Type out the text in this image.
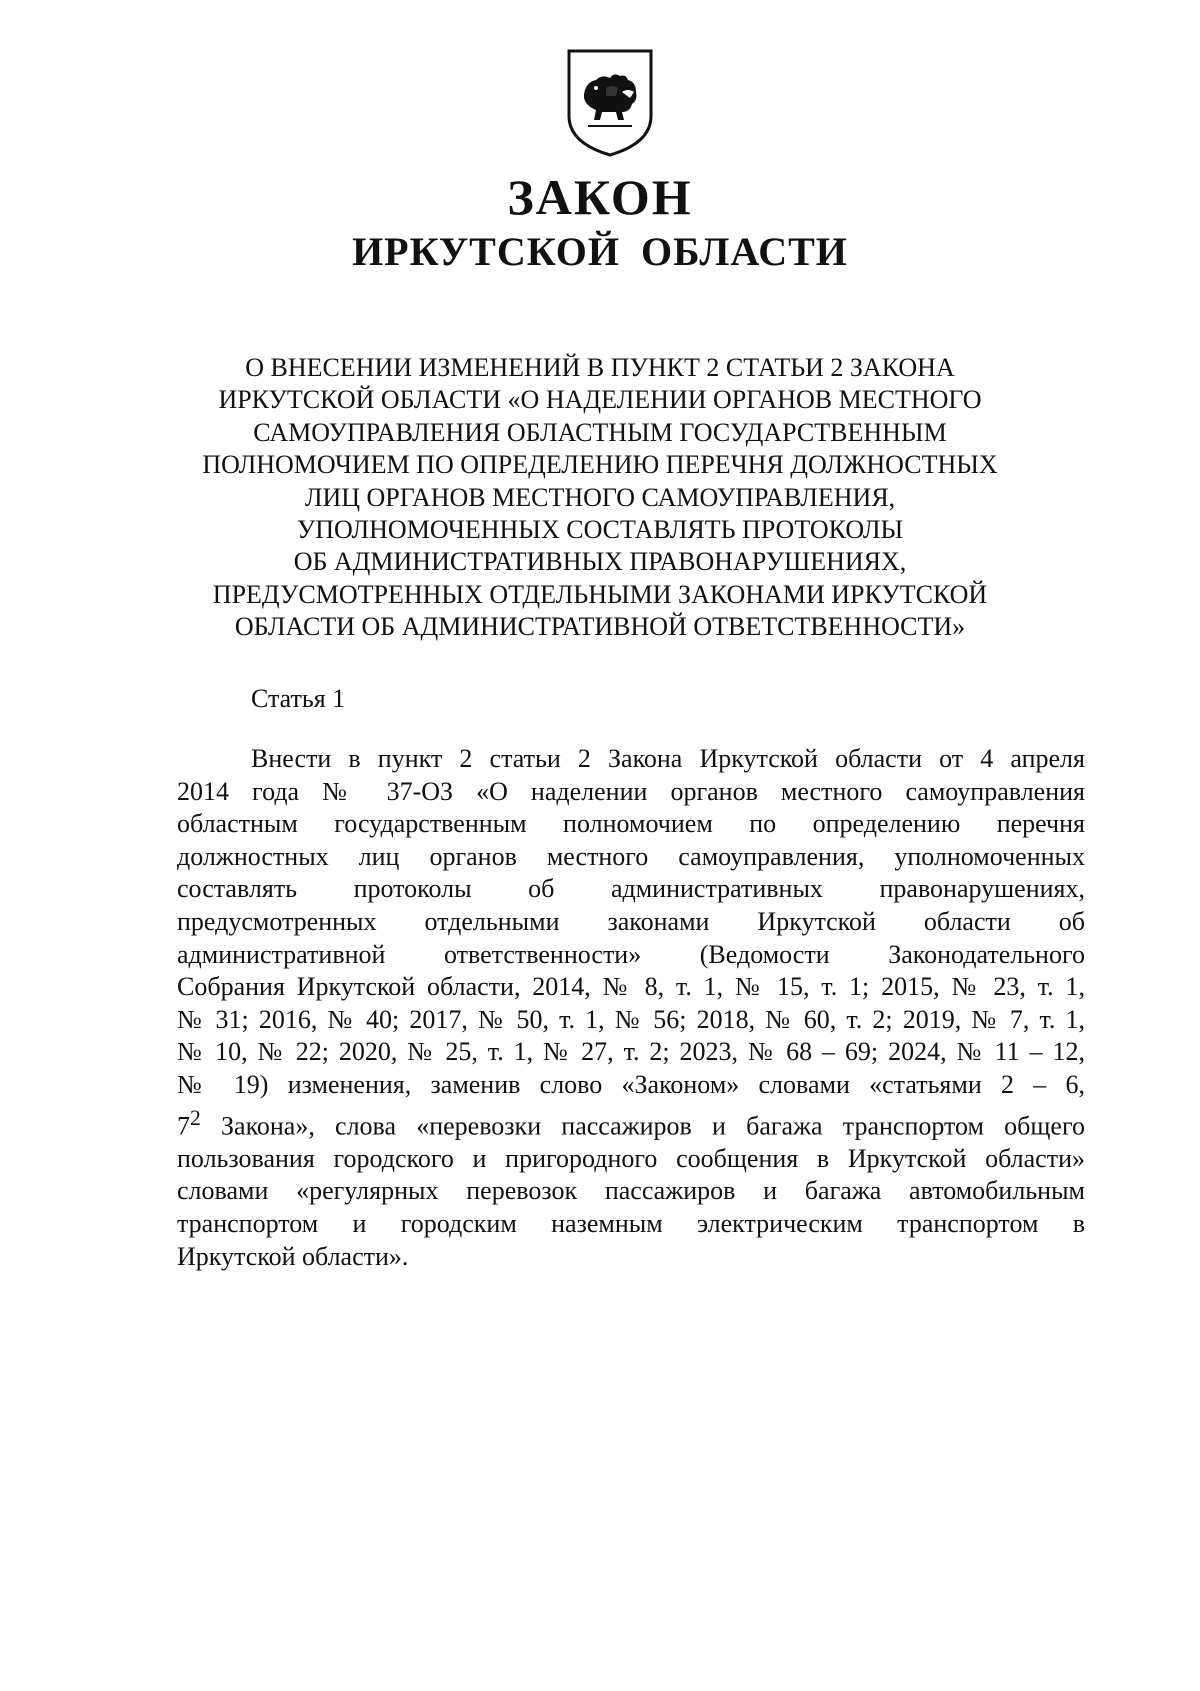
ЗАКОН
ИРКУТСКОЙ ОБЛАСТИ
О ВНЕСЕНИИ ИЗМЕНЕНИЙ В ПУНКТ 2 СТАТЬИ 2 ЗАКОНА
ИРКУТСКОЙ ОБЛАСТИ «О НАДЕЛЕНИИ ОРГАНОВ МЕСТНОГО
САМОУПРАВЛЕНИЯ ОБЛАСТНЫМ ГОСУДАРСТВЕННЫМ
ПОЛНОМОЧИЕМ ПО ОПРЕДЕЛЕНИЮ ПЕРЕЧНЯ ДОЛЖНОСТНЫХ
ЛИЦ ОРГАНОВ МЕСТНОГО САМОУПРАВЛЕНИЯ,
УПОЛНОМОЧЕННЫХ СОСТАВЛЯТЬ ПРОТОКОЛЫ
ОБ АДМИНИСТРАТИВНЫХ ПРАВОНАРУШЕНИЯХ,
ПРЕДУСМОТРЕННЫХ ОТДЕЛЬНЫМИ ЗАКОНАМИ ИРКУТСКОЙ
ОБЛАСТИ ОБ АДМИНИСТРАТИВНОЙ ОТВЕТСТВЕННОСТИ»
Статья 1
Внести в пункт 2 статьи 2 Закона Иркутской области от 4 апреля
2014 года № 37-ОЗ «О наделении органов местного самоуправления
областным государственным полномочием по определению перечня
должностных лиц органов местного самоуправления, уполномоченных
составлять протоколы об административных правонарушениях,
предусмотренных отдельными законами Иркутской области об
административной ответственности» (Ведомости Законодательного
Собрания Иркутской области, 2014, № 8, т. 1, № 15, т. 1; 2015, № 23, т. 1,
№ 31; 2016, № 40; 2017, № 50, т. 1, № 56; 2018, № 60, т. 2; 2019, № 7, т. 1,
№ 10, № 22; 2020, № 25, т. 1, № 27, т. 2; 2023, № 68 – 69; 2024, № 11 – 12,
№ 19) изменения, заменив слово «Законом» словами «статьями 2 – 6,
$7^2$ Закона», слова «перевозки пассажиров и багажа транспортом общего
пользования городского и пригородного сообщения в Иркутской области»
словами «регулярных перевозок пассажиров и багажа автомобильным
транспортом и городским наземным электрическим транспортом в
Иркутской области».
